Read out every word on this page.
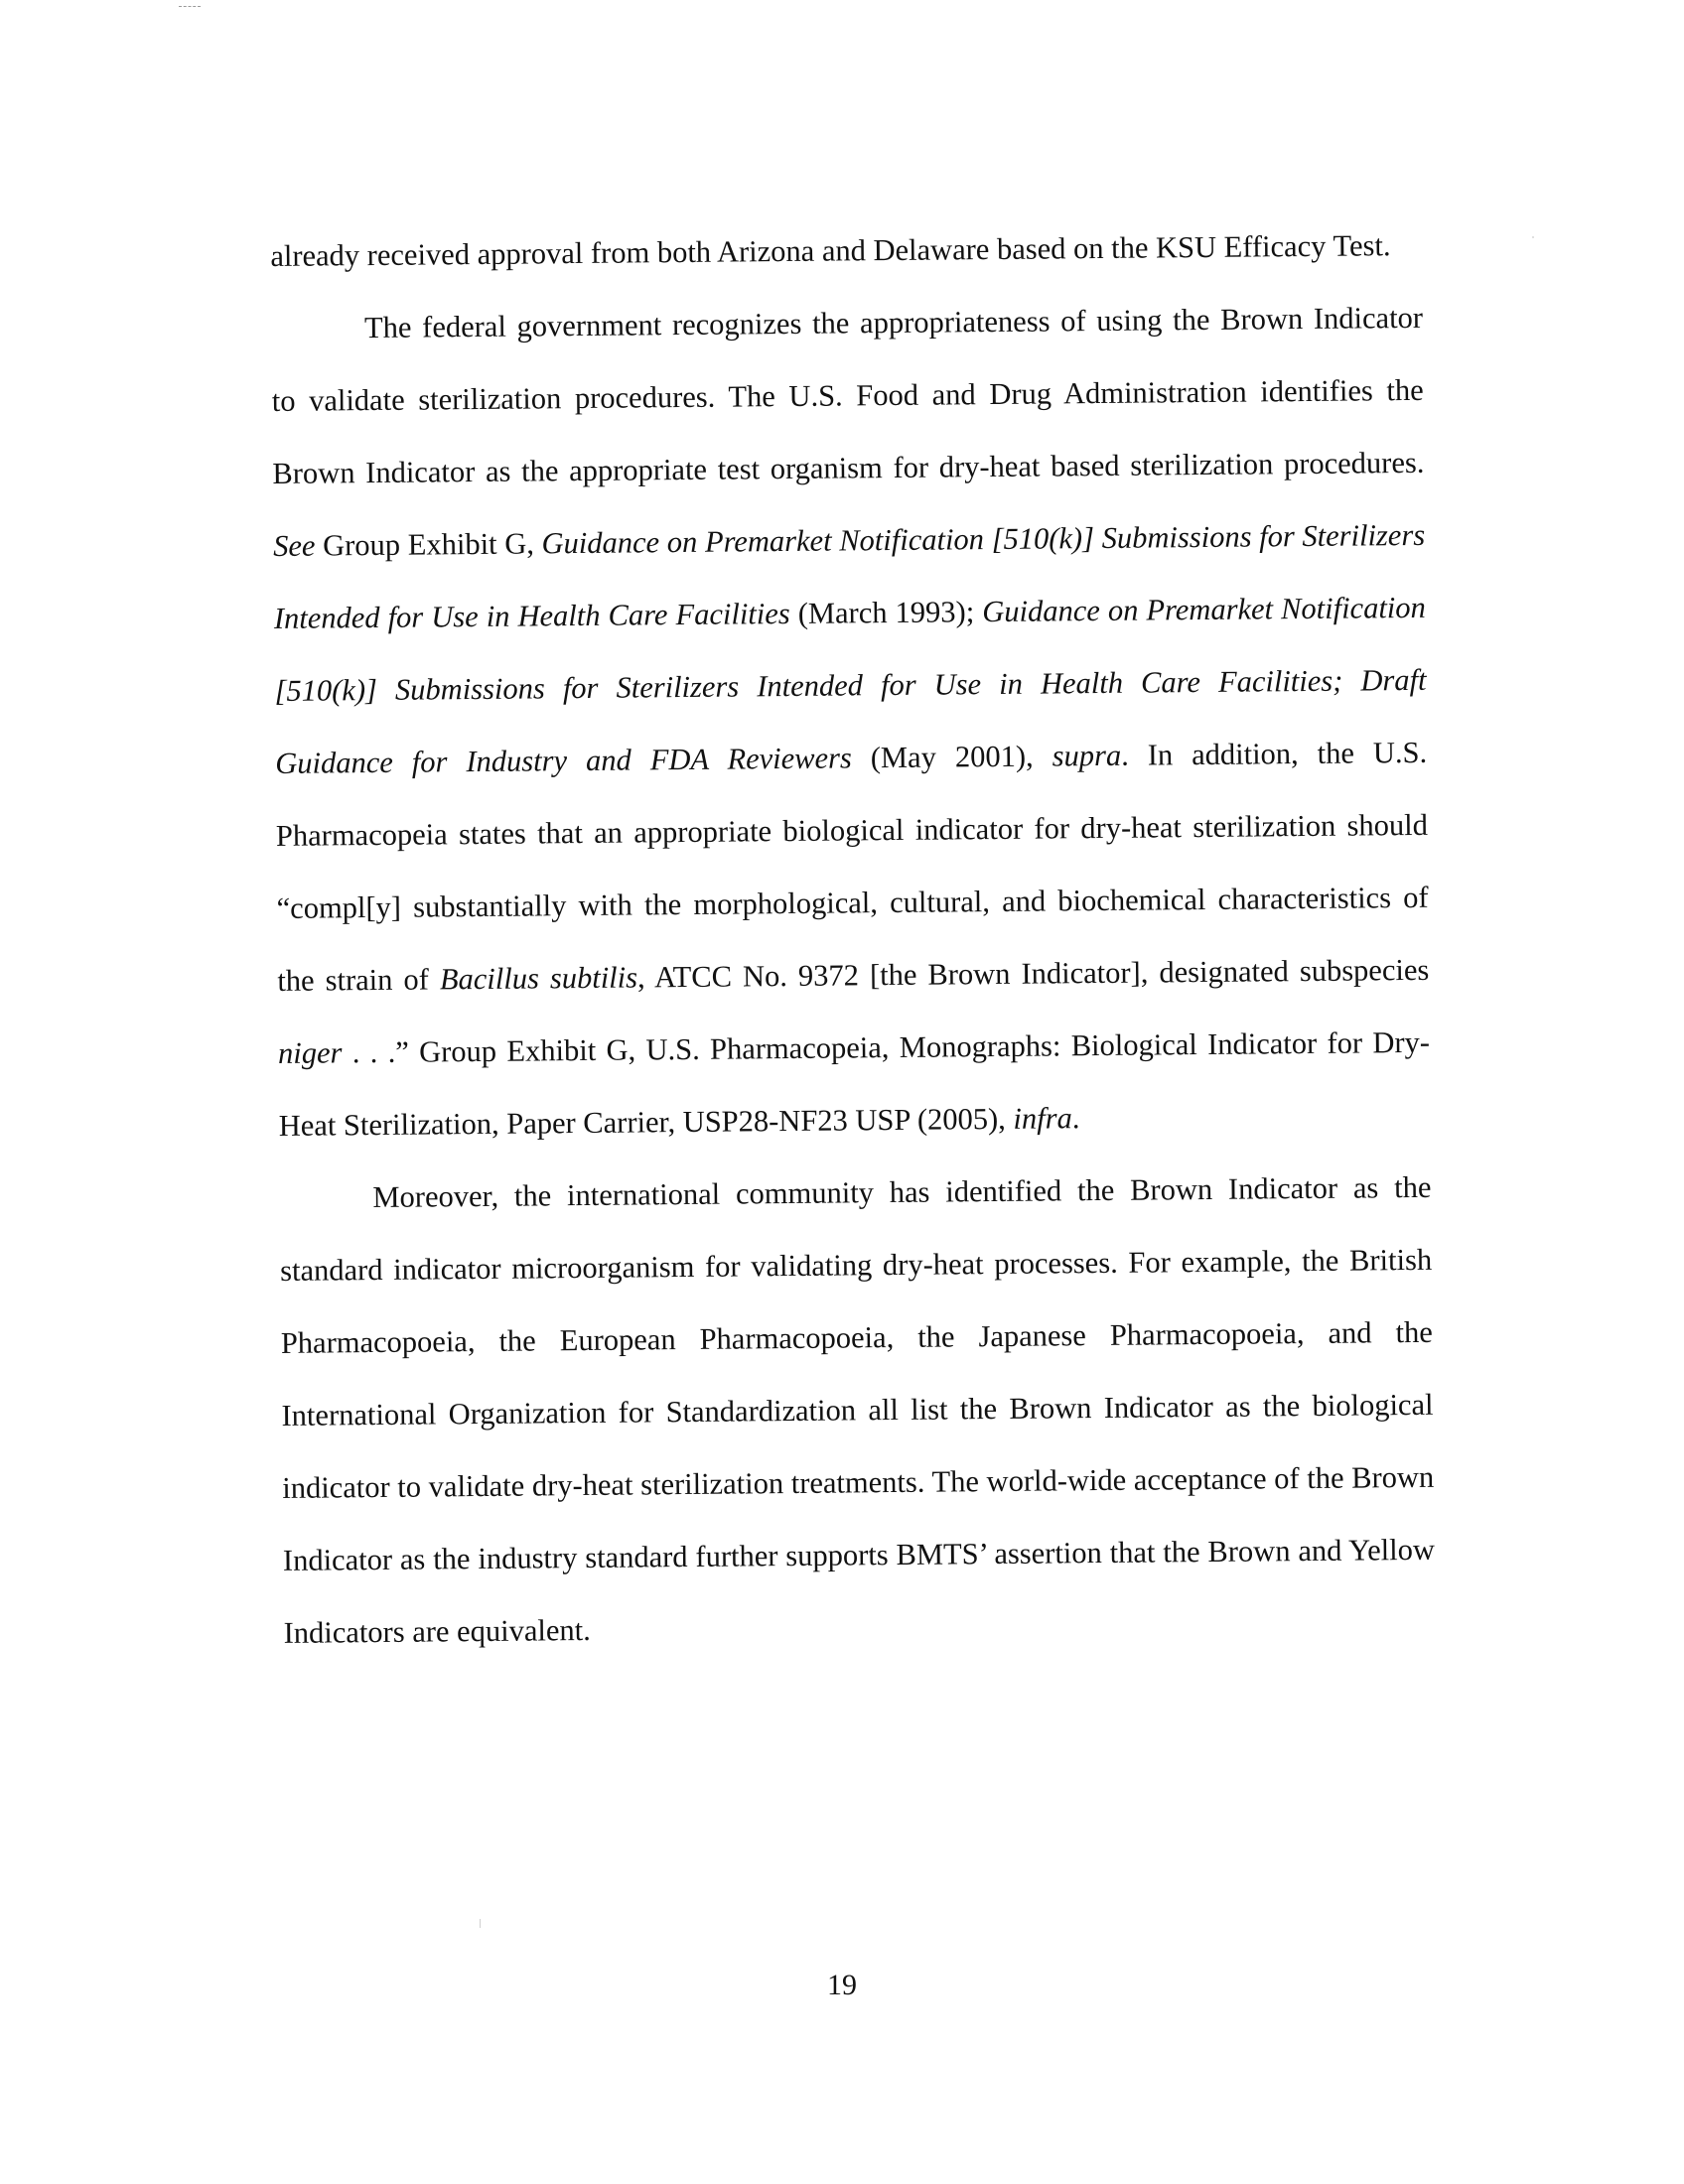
already received approval from both Arizona and Delaware based on the KSU Efficacy Test.

The federal government recognizes the appropriateness of using the Brown Indicator to validate sterilization procedures. The U.S. Food and Drug Administration identifies the Brown Indicator as the appropriate test organism for dry-heat based sterilization procedures. See Group Exhibit G, Guidance on Premarket Notification [510(k)] Submissions for Sterilizers Intended for Use in Health Care Facilities (March 1993); Guidance on Premarket Notification [510(k)] Submissions for Sterilizers Intended for Use in Health Care Facilities; Draft Guidance for Industry and FDA Reviewers (May 2001), supra. In addition, the U.S. Pharmacopeia states that an appropriate biological indicator for dry-heat sterilization should “compl[y] substantially with the morphological, cultural, and biochemical characteristics of the strain of Bacillus subtilis, ATCC No. 9372 [the Brown Indicator], designated subspecies niger . . .” Group Exhibit G, U.S. Pharmacopeia, Monographs: Biological Indicator for Dry-Heat Sterilization, Paper Carrier, USP28-NF23 USP (2005), infra.

Moreover, the international community has identified the Brown Indicator as the standard indicator microorganism for validating dry-heat processes. For example, the British Pharmacopoeia, the European Pharmacopoeia, the Japanese Pharmacopoeia, and the International Organization for Standardization all list the Brown Indicator as the biological indicator to validate dry-heat sterilization treatments. The world-wide acceptance of the Brown Indicator as the industry standard further supports BMTS’ assertion that the Brown and Yellow Indicators are equivalent.

19
